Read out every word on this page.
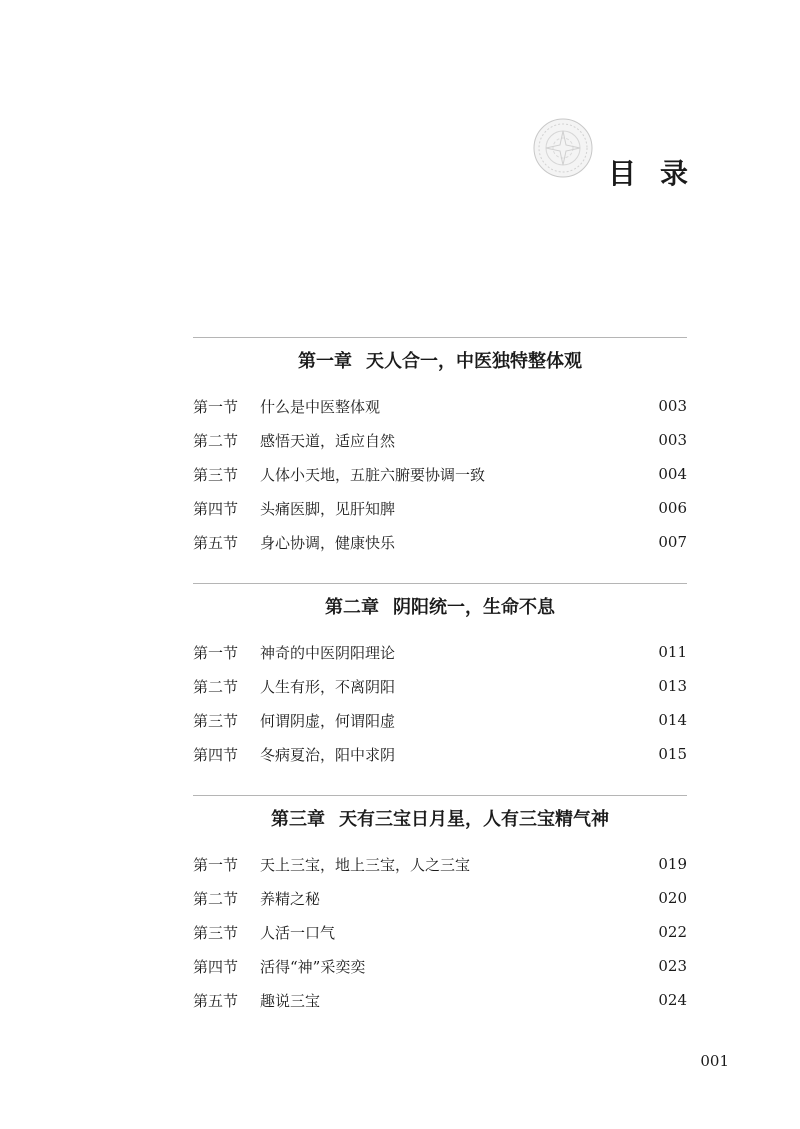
目录
第一章 天人合一，中医独特整体观
第一节	什么是中医整体观	003
第二节	感悟天道，适应自然	003
第三节	人体小天地，五脏六腑要协调一致	004
第四节	头痛医脚，见肝知脾	006
第五节	身心协调，健康快乐	007
第二章 阴阳统一，生命不息
第一节	神奇的中医阴阳理论	011
第二节	人生有形，不离阴阳	013
第三节	何谓阴虚，何谓阳虚	014
第四节	冬病夏治，阳中求阴	015
第三章 天有三宝日月星，人有三宝精气神
第一节	天上三宝，地上三宝，人之三宝	019
第二节	养精之秘	020
第三节	人活一口气	022
第四节	活得“神”采奕奕	023
第五节	趣说三宝	024
001
